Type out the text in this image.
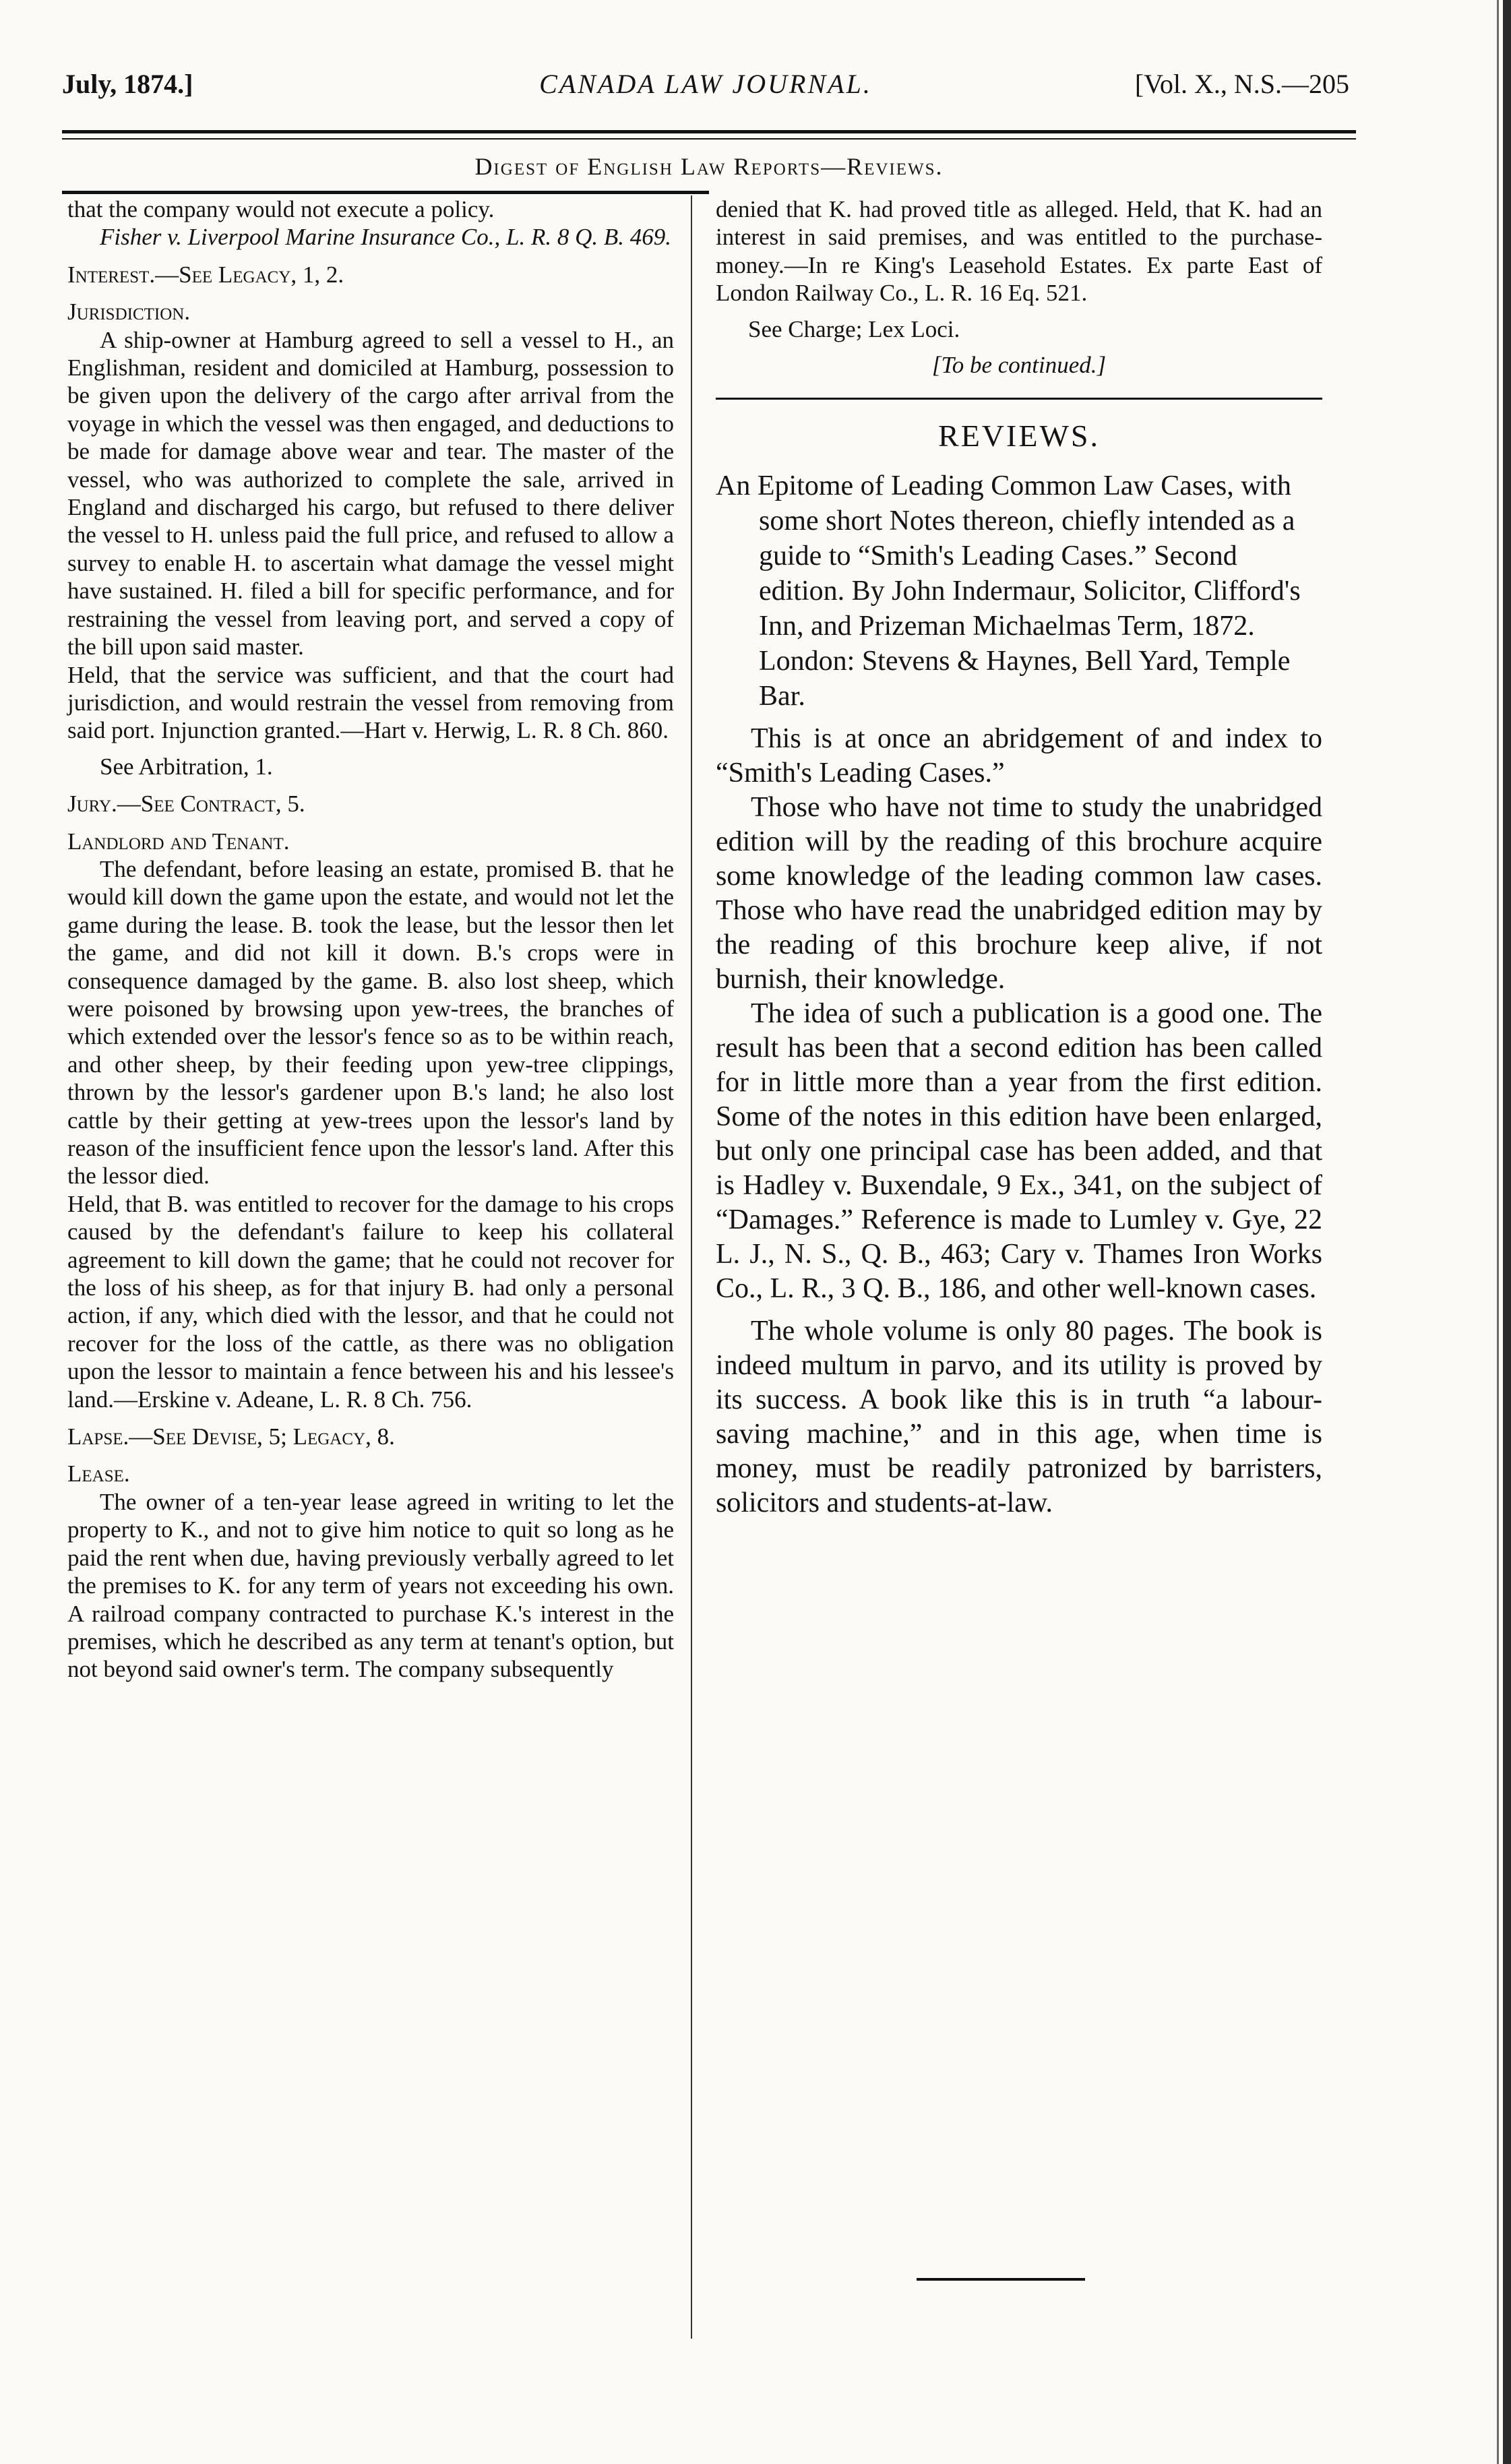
July, 1874.]	CANADA LAW JOURNAL.	[Vol. X., N.S.—205
Digest of English Law Reports—Reviews.

that the company would not execute a policy.

Fisher v. Liverpool Marine Insurance Co., L. R. 8 Q. B. 469.

Interest.—See Legacy, 1, 2.

Jurisdiction.

A ship-owner at Hamburg agreed to sell a vessel to H., an Englishman, resident and domiciled at Hamburg, possession to be given upon the delivery of the cargo after arrival from the voyage in which the vessel was then engaged, and deductions to be made for damage above wear and tear. The master of the vessel, who was authorized to complete the sale, arrived in England and discharged his cargo, but refused to there deliver the vessel to H. unless paid the full price, and refused to allow a survey to enable H. to ascertain what damage the vessel might have sustained. H. filed a bill for specific performance, and for restraining the vessel from leaving port, and served a copy of the bill upon said master.

Held, that the service was sufficient, and that the court had jurisdiction, and would restrain the vessel from removing from said port. Injunction granted.—Hart v. Herwig, L. R. 8 Ch. 860.

See Arbitration, 1.

Jury.—See Contract, 5.

Landlord and Tenant.

The defendant, before leasing an estate, promised B. that he would kill down the game upon the estate, and would not let the game during the lease. B. took the lease, but the lessor then let the game, and did not kill it down. B.'s crops were in consequence damaged by the game. B. also lost sheep, which were poisoned by browsing upon yew-trees, the branches of which extended over the lessor's fence so as to be within reach, and other sheep, by their feeding upon yew-tree clippings, thrown by the lessor's gardener upon B.'s land; he also lost cattle by their getting at yew-trees upon the lessor's land by reason of the insufficient fence upon the lessor's land. After this the lessor died.

Held, that B. was entitled to recover for the damage to his crops caused by the defendant's failure to keep his collateral agreement to kill down the game; that he could not recover for the loss of his sheep, as for that injury B. had only a personal action, if any, which died with the lessor, and that he could not recover for the loss of the cattle, as there was no obligation upon the lessor to maintain a fence between his and his lessee's land.—Erskine v. Adeane, L. R. 8 Ch. 756.

Lapse.—See Devise, 5; Legacy, 8.

Lease.

The owner of a ten-year lease agreed in writing to let the property to K., and not to give him notice to quit so long as he paid the rent when due, having previously verbally agreed to let the premises to K. for any term of years not exceeding his own. A railroad company contracted to purchase K.'s interest in the premises, which he described as any term at tenant's option, but not beyond said owner's term. The company subsequently

denied that K. had proved title as alleged. Held, that K. had an interest in said premises, and was entitled to the purchase-money.—In re King's Leasehold Estates. Ex parte East of London Railway Co., L. R. 16 Eq. 521.

See Charge; Lex Loci.

[To be continued.]

REVIEWS.

An Epitome of Leading Common Law Cases, with some short Notes thereon, chiefly intended as a guide to “Smith's Leading Cases.” Second edition. By John Indermaur, Solicitor, Clifford's Inn, and Prizeman Michaelmas Term, 1872. London: Stevens & Haynes, Bell Yard, Temple Bar.

This is at once an abridgement of and index to “Smith's Leading Cases.”

Those who have not time to study the unabridged edition will by the reading of this brochure acquire some knowledge of the leading common law cases. Those who have read the unabridged edition may by the reading of this brochure keep alive, if not burnish, their knowledge.

The idea of such a publication is a good one. The result has been that a second edition has been called for in little more than a year from the first edition. Some of the notes in this edition have been enlarged, but only one principal case has been added, and that is Hadley v. Buxendale, 9 Ex., 341, on the subject of “Damages.” Reference is made to Lumley v. Gye, 22 L. J., N. S., Q. B., 463; Cary v. Thames Iron Works Co., L. R., 3 Q. B., 186, and other well-known cases.

The whole volume is only 80 pages. The book is indeed multum in parvo, and its utility is proved by its success. A book like this is in truth “a labour-saving machine,” and in this age, when time is money, must be readily patronized by barristers, solicitors and students-at-law.
